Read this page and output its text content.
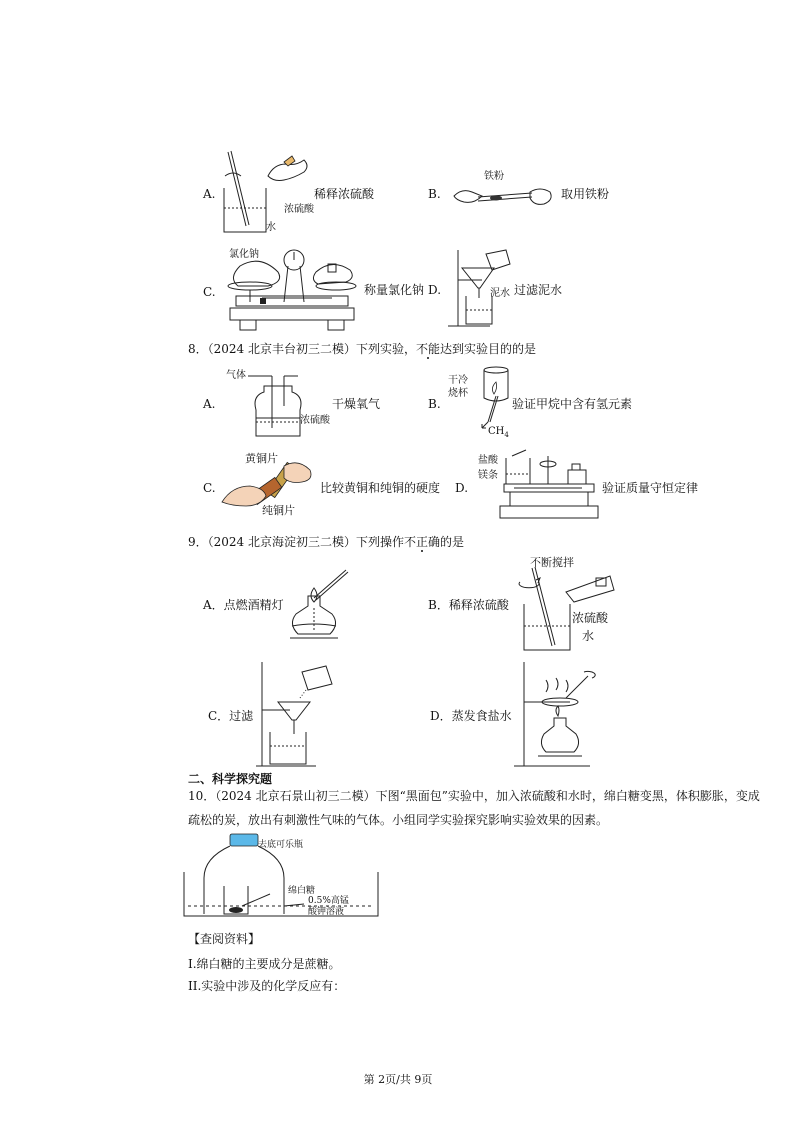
A.
浓硫酸
水
稀释浓硫酸	B.
铁粉
取用铁粉
C.
氯化钠
称量氯化钠 D.	泥水 过滤泥水
8．（2024 北京丰台初三二模）下列实验，不能达到实验目的的是
A.
气体
浓硫酸
干燥氧气	B.
干冷
烧杯
$CH_4$
验证甲烷中含有氢元素
C.
黄铜片
纯铜片
比较黄铜和纯铜的硬度 D.
盐酸
镁条
验证质量守恒定律
9．（2024 北京海淀初三二模）下列操作不正确的是
A．点燃酒精灯	B．稀释浓硫酸
不断搅拌
浓硫酸
水
C．过滤	D．蒸发食盐水
二、科学探究题
10．（2024 北京石景山初三二模）下图“黑面包”实验中，加入浓硫酸和水时，绵白糖变黑，体积膨胀，变成
疏松的炭，放出有刺激性气味的气体。小组同学实验探究影响实验效果的因素。
去底可乐瓶
绵白糖
0.5%高锰
酸钾溶液
【查阅资料】
I.绵白糖的主要成分是蔗糖。
II.实验中涉及的化学反应有：
第 2页/共 9页
